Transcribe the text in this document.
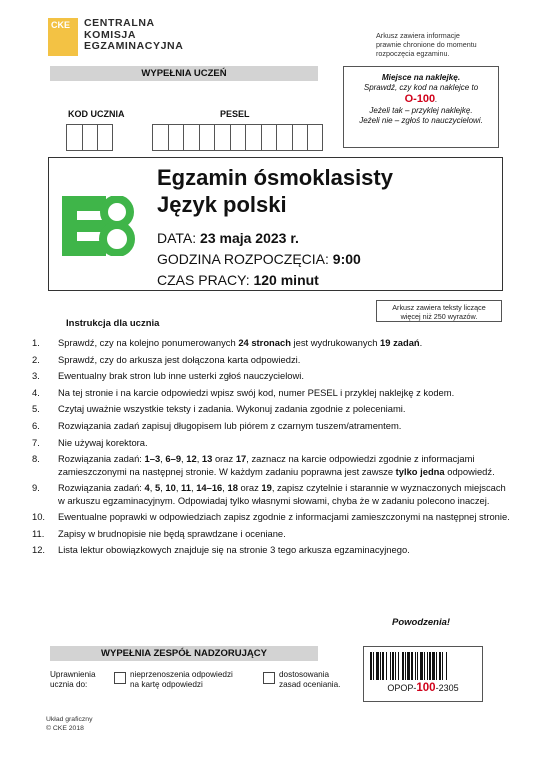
CKE CENTRALNA
KOMISJA
EGZAMINACYJNA
Arkusz zawiera informacje
prawnie chronione do momentu
rozpoczęcia egzaminu.
WYPEŁNIA UCZEŃ
KOD UCZNIA	PESEL
Miejsce na naklejkę.
Sprawdź, czy kod na naklejce to
O-100.
Jeżeli tak – przyklej naklejkę.
Jeżeli nie – zgłoś to nauczycielowi.
Egzamin ósmoklasisty
Język polski
DATA: 23 maja 2023 r.
GODZINA ROZPOCZĘCIA: 9:00
CZAS PRACY: 120 minut
Arkusz zawiera teksty liczące
więcej niż 250 wyrazów.
Instrukcja dla ucznia
1.	Sprawdź, czy na kolejno ponumerowanych 24 stronach jest wydrukowanych 19 zadań.
2.	Sprawdź, czy do arkusza jest dołączona karta odpowiedzi.
3.	Ewentualny brak stron lub inne usterki zgłoś nauczycielowi.
4.	Na tej stronie i na karcie odpowiedzi wpisz swój kod, numer PESEL i przyklej naklejkę z kodem.
5.	Czytaj uważnie wszystkie teksty i zadania. Wykonuj zadania zgodnie z poleceniami.
6.	Rozwiązania zadań zapisuj długopisem lub piórem z czarnym tuszem/atramentem.
7.	Nie używaj korektora.
8.	Rozwiązania zadań: 1–3, 6–9, 12, 13 oraz 17, zaznacz na karcie odpowiedzi zgodnie z informacjami zamieszczonymi na następnej stronie. W każdym zadaniu poprawna jest zawsze tylko jedna odpowiedź.
9.	Rozwiązania zadań: 4, 5, 10, 11, 14–16, 18 oraz 19, zapisz czytelnie i starannie w wyznaczonych miejscach w arkuszu egzaminacyjnym. Odpowiadaj tylko własnymi słowami, chyba że w zadaniu polecono inaczej.
10.	Ewentualne poprawki w odpowiedziach zapisz zgodnie z informacjami zamieszczonymi na następnej stronie.
11.	Zapisy w brudnopisie nie będą sprawdzane i oceniane.
12.	Lista lektur obowiązkowych znajduje się na stronie 3 tego arkusza egzaminacyjnego.
Powodzenia!
WYPEŁNIA ZESPÓŁ NADZORUJĄCY
Uprawnienia
ucznia do:
nieprzenoszenia odpowiedzi
na kartę odpowiedzi
dostosowania
zasad oceniania.	OPOP-100-2305
Układ graficzny
© CKE 2018
